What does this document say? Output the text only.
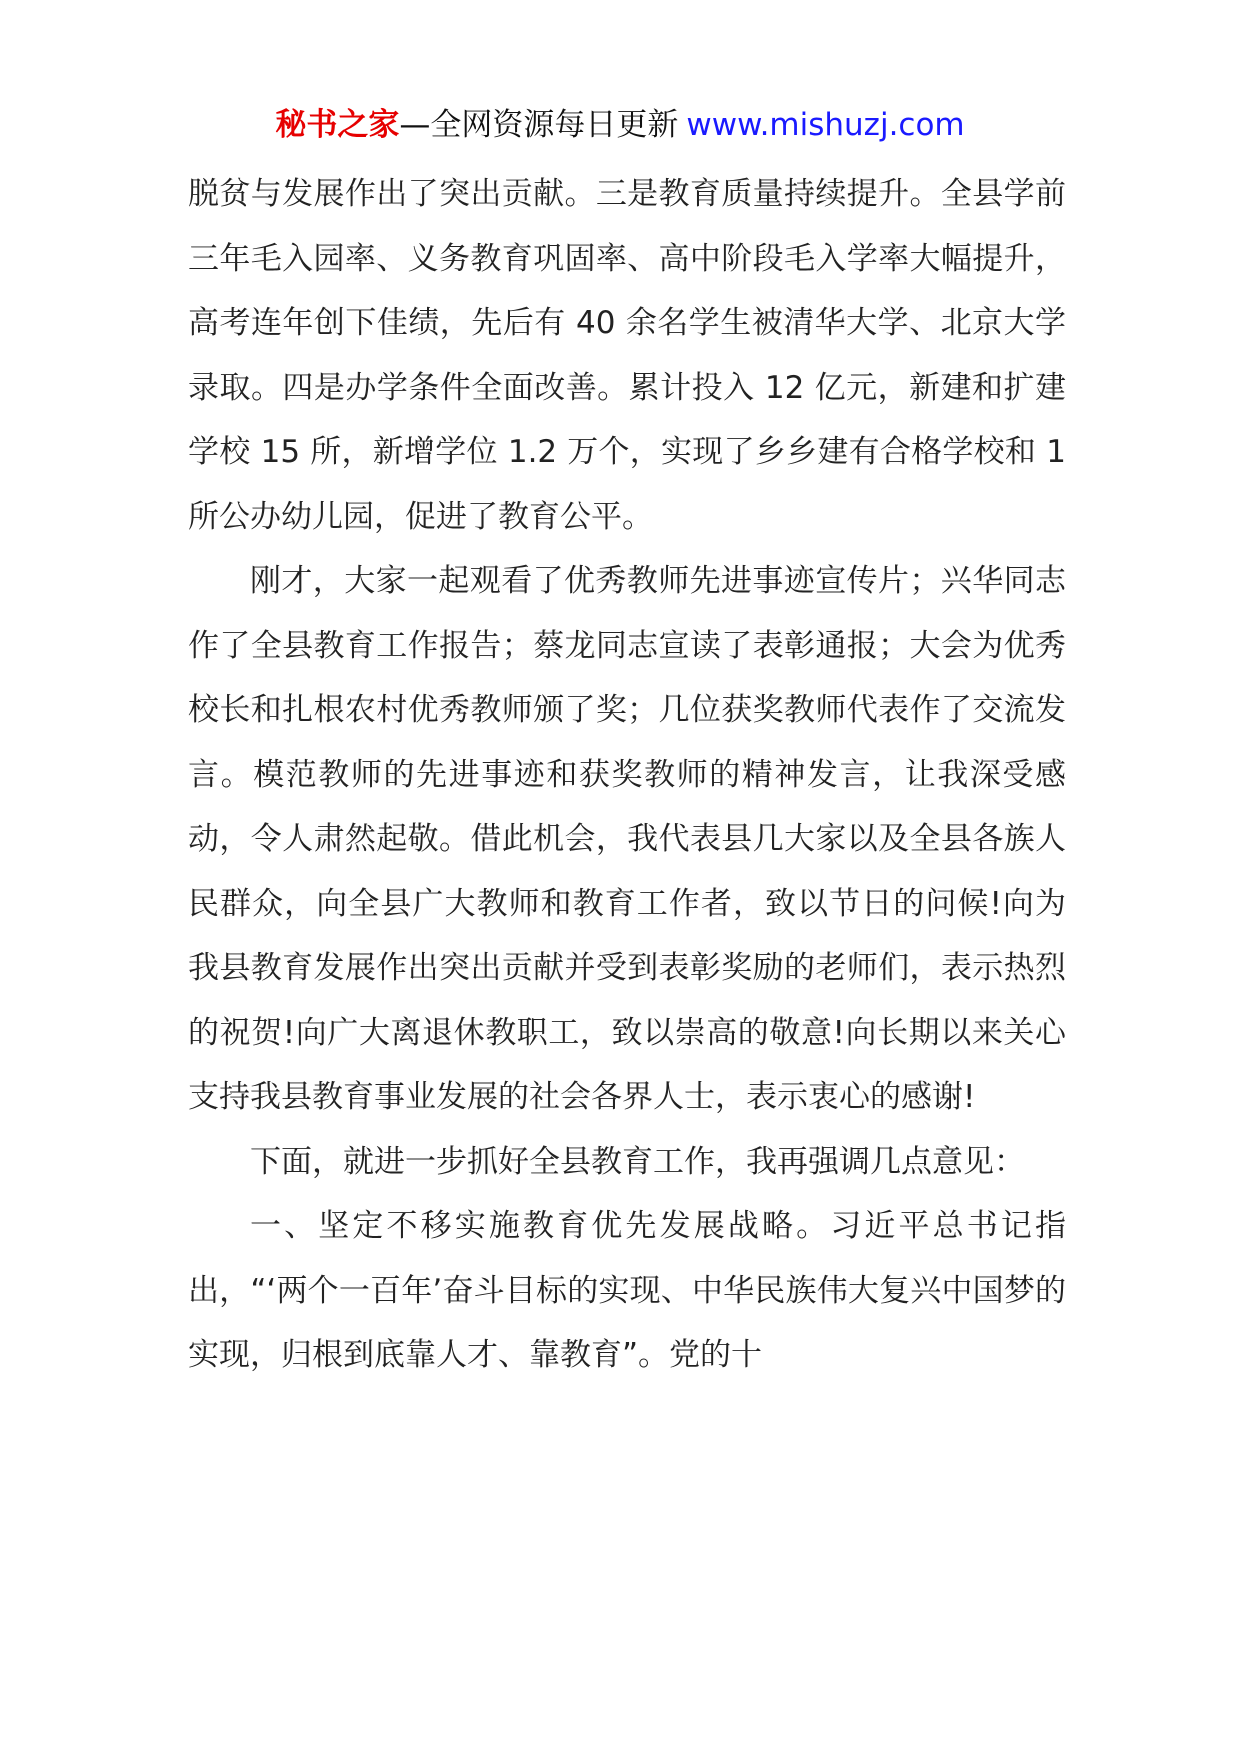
秘书之家—全网资源每日更新 www.mishuzj.com

脱贫与发展作出了突出贡献。三是教育质量持续提升。全县学前三年毛入园率、义务教育巩固率、高中阶段毛入学率大幅提升，高考连年创下佳绩，先后有 40 余名学生被清华大学、北京大学录取。四是办学条件全面改善。累计投入 12 亿元，新建和扩建学校 15 所，新增学位 1.2 万个，实现了乡乡建有合格学校和 1 所公办幼儿园，促进了教育公平。

刚才，大家一起观看了优秀教师先进事迹宣传片；兴华同志作了全县教育工作报告；蔡龙同志宣读了表彰通报；大会为优秀校长和扎根农村优秀教师颁了奖；几位获奖教师代表作了交流发言。模范教师的先进事迹和获奖教师的精神发言，让我深受感动，令人肃然起敬。借此机会，我代表县几大家以及全县各族人民群众，向全县广大教师和教育工作者，致以节日的问候!向为我县教育发展作出突出贡献并受到表彰奖励的老师们，表示热烈的祝贺!向广大离退休教职工，致以崇高的敬意!向长期以来关心支持我县教育事业发展的社会各界人士，表示衷心的感谢!

下面，就进一步抓好全县教育工作，我再强调几点意见：

一、坚定不移实施教育优先发展战略。习近平总书记指出，“‘两个一百年’奋斗目标的实现、中华民族伟大复兴中国梦的实现，归根到底靠人才、靠教育”。党的十
